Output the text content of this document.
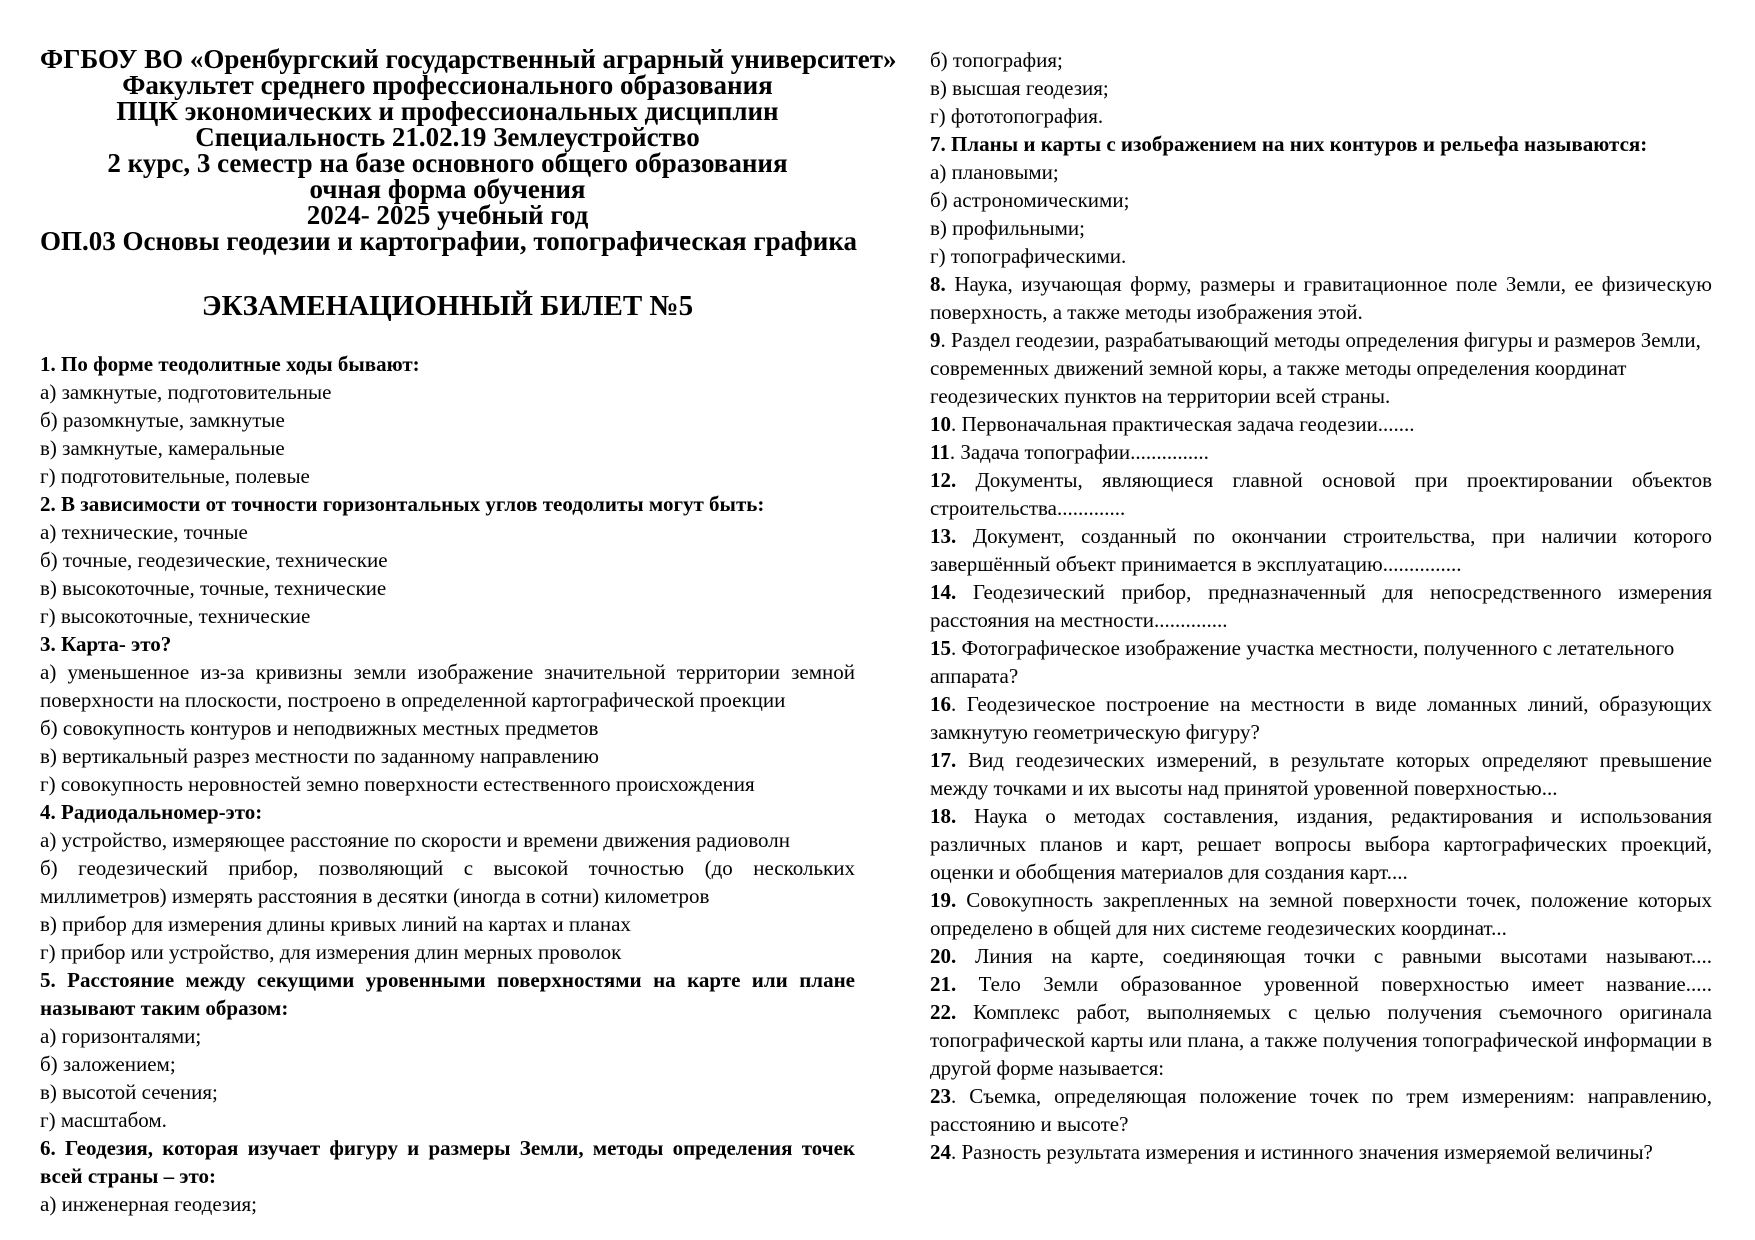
ФГБОУ ВО «Оренбургский государственный аграрный университет»

Факультет среднего профессионального образования

ПЦК экономических и профессиональных дисциплин

Специальность 21.02.19 Землеустройство

2 курс, 3 семестр на базе основного общего образования

очная форма обучения

2024- 2025 учебный год

ОП.03 Основы геодезии и картографии, топографическая графика

ЭКЗАМЕНАЦИОННЫЙ БИЛЕТ №5

1. По форме теодолитные ходы бывают:

а) замкнутые, подготовительные

б) разомкнутые, замкнутые

в) замкнутые, камеральные

г) подготовительные, полевые

2. В зависимости от точности горизонтальных углов теодолиты могут быть:

а) технические, точные

б) точные, геодезические, технические

в) высокоточные, точные, технические

г) высокоточные, технические

3. Карта- это?

а) уменьшенное из-за кривизны земли изображение значительной территории земной поверхности на плоскости, построено в определенной картографической проекции

б) совокупность контуров и неподвижных местных предметов

в) вертикальный разрез местности по заданному направлению

г) совокупность неровностей земно поверхности естественного происхождения

4. Радиодальномер-это:

а) устройство, измеряющее расстояние по скорости и времени движения радиоволн

б) геодезический прибор, позволяющий с высокой точностью (до нескольких миллиметров) измерять расстояния в десятки (иногда в сотни) километров

в) прибор для измерения длины кривых линий на картах и планах

г) прибор или устройство, для измерения длин мерных проволок

5. Расстояние между секущими уровенными поверхностями на карте или плане называют таким образом:

а) горизонталями;

б) заложением;

в) высотой сечения;

г) масштабом.

6. Геодезия, которая изучает фигуру и размеры Земли, методы определения точек всей страны – это:

а) инженерная геодезия;

б) топография;

в) высшая геодезия;

г) фототопография.

7. Планы и карты с изображением на них контуров и рельефа называются:

а) плановыми;

б) астрономическими;

в) профильными;

г) топографическими.

8. Наука, изучающая форму, размеры и гравитационное поле Земли, ее физическую поверхность, а также методы изображения этой.

9. Раздел геодезии, разрабатывающий методы определения фигуры и размеров Земли, современных движений земной коры, а также методы определения координат геодезических пунктов на территории всей страны.

10. Первоначальная практическая задача геодезии.......

11. Задача топографии...............

12. Документы, являющиеся главной основой при проектировании объектов строительства.............

13. Документ, созданный по окончании строительства, при наличии которого завершённый объект принимается в эксплуатацию...............

14. Геодезический прибор, предназначенный для непосредственного измерения расстояния на местности..............

15. Фотографическое изображение участка местности, полученного с летательного аппарата?

16. Геодезическое построение на местности в виде ломанных линий, образующих замкнутую геометрическую фигуру?

17. Вид геодезических измерений, в результате которых определяют превышение между точками и их высоты над принятой уровенной поверхностью...

18. Наука о методах составления, издания, редактирования и использования различных планов и карт, решает вопросы выбора картографических проекций, оценки и обобщения материалов для создания карт....

19. Совокупность закрепленных на земной поверхности точек, положение которых определено в общей для них системе геодезических координат...

20. Линия на карте, соединяющая точки с равными высотами называют....

21. Тело Земли образованное уровенной поверхностью имеет название.....

22. Комплекс работ, выполняемых с целью получения съемочного оригинала топографической карты или плана, а также получения топографической информации в другой форме называется:

23. Съемка, определяющая положение точек по трем измерениям: направлению, расстоянию и высоте?

24. Разность результата измерения и истинного значения измеряемой величины?
